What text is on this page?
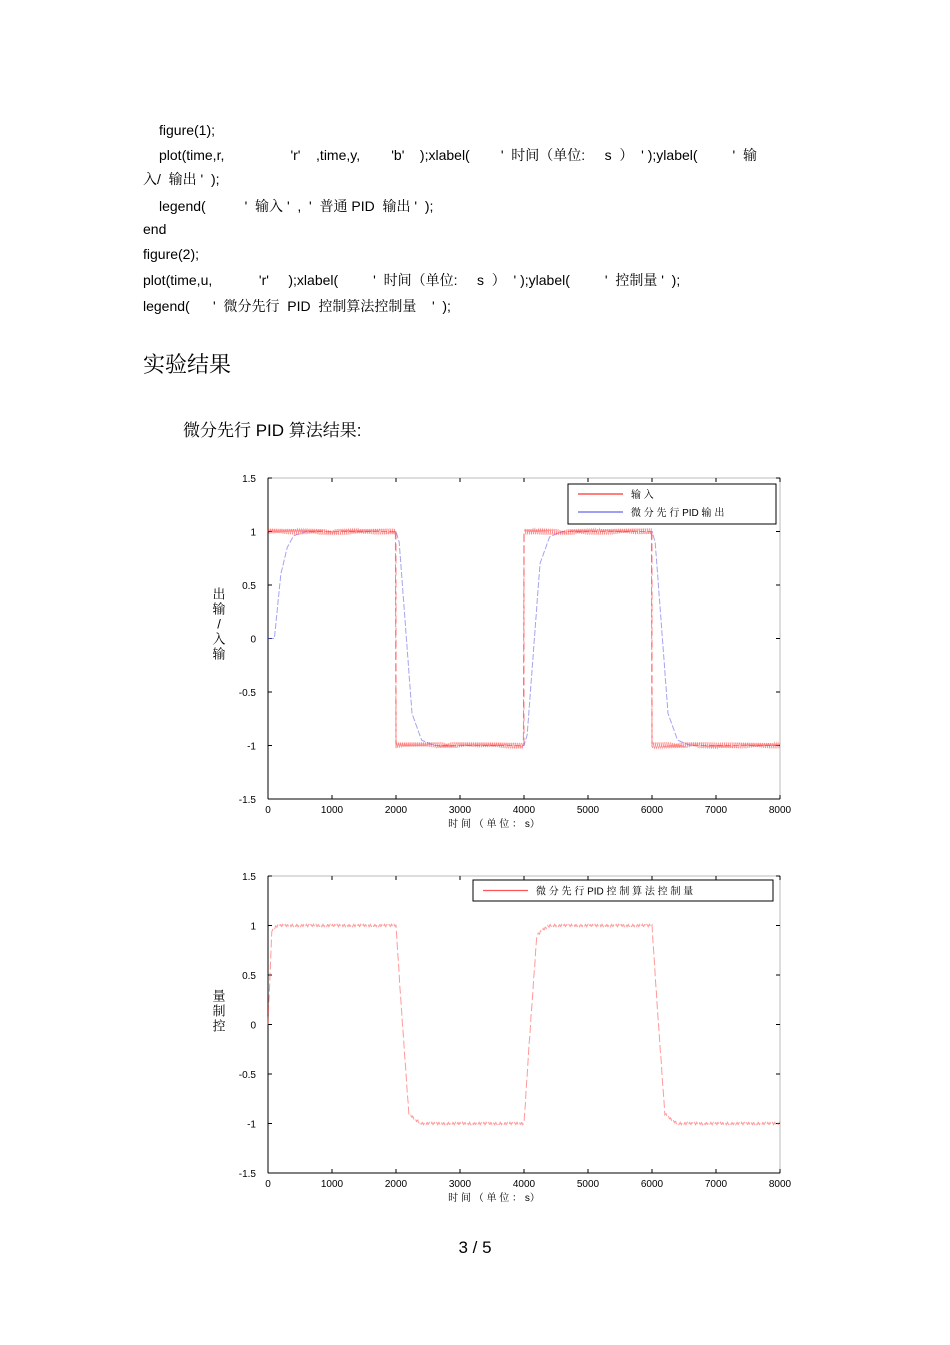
figure(1);
plot(time,r,                 'r'    ,time,y,        'b'    );xlabel(        '  时间（单位:     s  ）  ' );ylabel(         '  输
入/  输出 '  );
legend(          '  输入 '  ,  '  普通 PID  输出 '  );
end
figure(2);
plot(time,u,            'r'     );xlabel(         '  时间（单位:     s  ）  ' );ylabel(         '  控制量 '  );
legend(      '  微分先行  PID  控制算法控制量    '  );
实验结果
微分先行 PID 算法结果:
0	1000	2000	3000	4000	5000	6000	7000	8000
1.5
1
0.5
0
-0.5
-1
-1.5
时 间 （ 单 位 ： s）
出
输
/
入
输
输 入
微 分 先 行 PID 输 出
0	1000	2000	3000	4000	5000	6000	7000	8000
1.5
1
0.5
0
-0.5
-1
-1.5
时 间 （ 单 位 ： s）
量
制
控
微 分 先 行 PID 控 制 算 法 控 制 量
3 / 5
